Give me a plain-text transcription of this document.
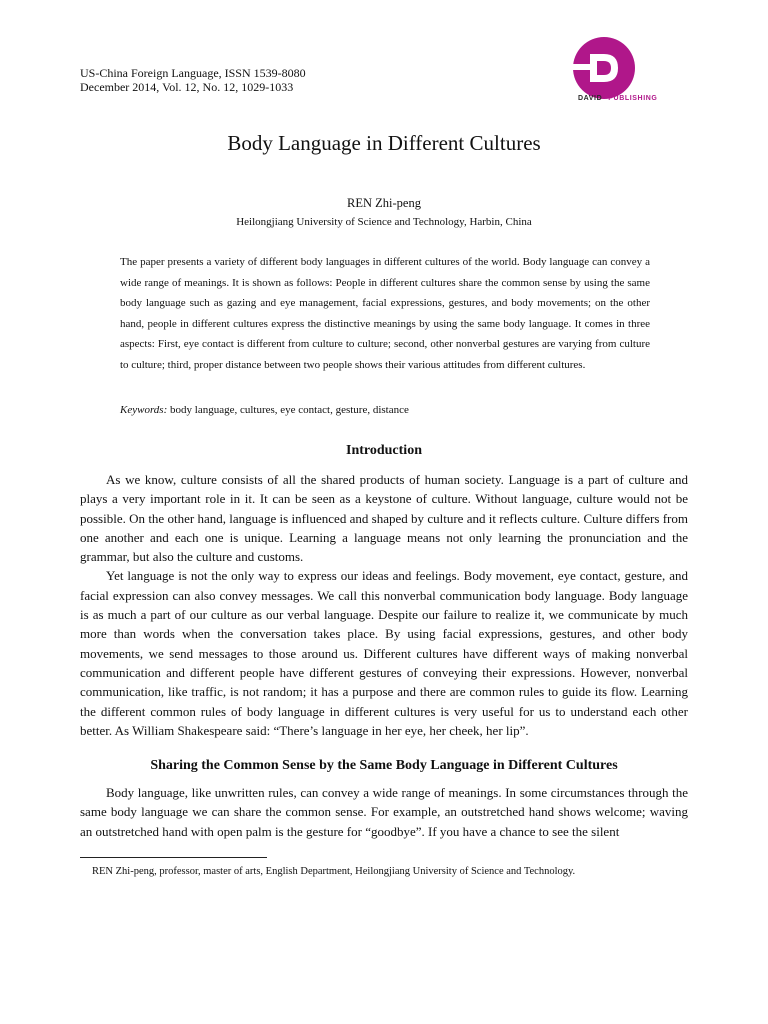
US-China Foreign Language, ISSN 1539-8080
December 2014, Vol. 12, No. 12, 1029-1033
DAVID PUBLISHING
Body Language in Different Cultures
REN Zhi-peng
Heilongjiang University of Science and Technology, Harbin, China

The paper presents a variety of different body languages in different cultures of the world. Body language can convey a wide range of meanings. It is shown as follows: People in different cultures share the common sense by using the same body language such as gazing and eye management, facial expressions, gestures, and body movements; on the other hand, people in different cultures express the distinctive meanings by using the same body language. It comes in three aspects: First, eye contact is different from culture to culture; second, other nonverbal gestures are varying from culture to culture; third, proper distance between two people shows their various attitudes from different cultures.

Keywords: body language, cultures, eye contact, gesture, distance
Introduction

As we know, culture consists of all the shared products of human society. Language is a part of culture and plays a very important role in it. It can be seen as a keystone of culture. Without language, culture would not be possible. On the other hand, language is influenced and shaped by culture and it reflects culture. Culture differs from one another and each one is unique. Learning a language means not only learning the pronunciation and the grammar, but also the culture and customs.

Yet language is not the only way to express our ideas and feelings. Body movement, eye contact, gesture, and facial expression can also convey messages. We call this nonverbal communication body language. Body language is as much a part of our culture as our verbal language. Despite our failure to realize it, we communicate by much more than words when the conversation takes place. By using facial expressions, gestures, and other body movements, we send messages to those around us. Different cultures have different ways of making nonverbal communication and different people have different gestures of conveying their expressions. However, nonverbal communication, like traffic, is not random; it has a purpose and there are common rules to guide its flow. Learning the different common rules of body language in different cultures is very useful for us to understand each other better. As William Shakespeare said: “There’s language in her eye, her cheek, her lip”.

Sharing the Common Sense by the Same Body Language in Different Cultures

Body language, like unwritten rules, can convey a wide range of meanings. In some circumstances through the same body language we can share the common sense. For example, an outstretched hand shows welcome; waving an outstretched hand with open palm is the gesture for “goodbye”. If you have a chance to see the silent

REN Zhi-peng, professor, master of arts, English Department, Heilongjiang University of Science and Technology.
